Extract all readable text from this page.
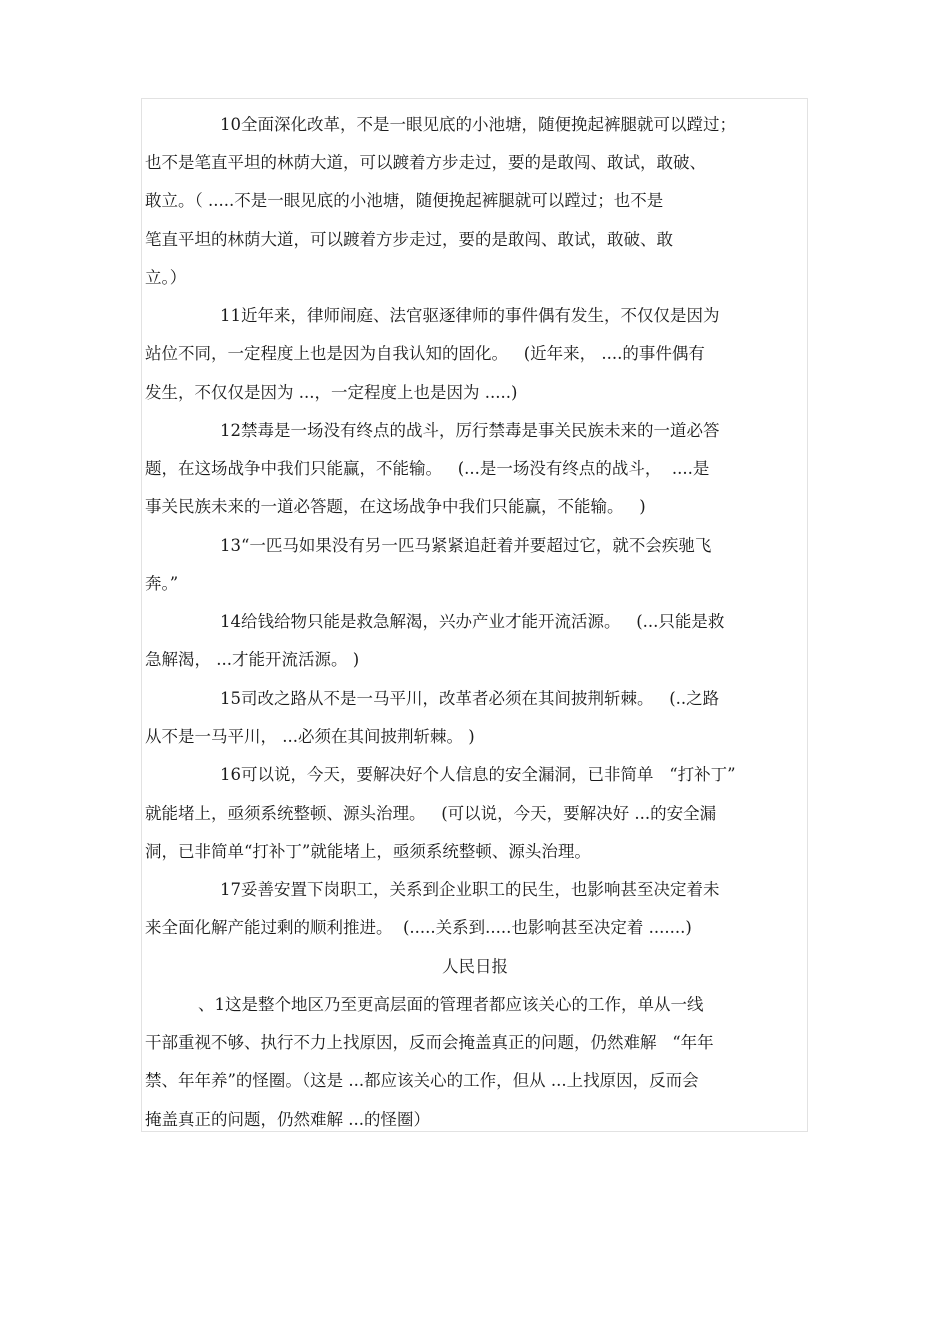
10全面深化改革，不是一眼见底的小池塘，随便挽起裤腿就可以蹚过；
也不是笔直平坦的林荫大道，可以踱着方步走过，要的是敢闯、敢试，敢破、
敢立。（ .....不是一眼见底的小池塘，随便挽起裤腿就可以蹚过；也不是
笔直平坦的林荫大道，可以踱着方步走过，要的是敢闯、敢试，敢破、敢
立。）
11近年来，律师闹庭、法官驱逐律师的事件偶有发生，不仅仅是因为
站位不同，一定程度上也是因为自我认知的固化。   (近年来， ....的事件偶有
发生，不仅仅是因为 ...，一定程度上也是因为 .....)
12禁毒是一场没有终点的战斗，厉行禁毒是事关民族未来的一道必答
题，在这场战争中我们只能赢，不能输。   (...是一场没有终点的战斗，  ....是
事关民族未来的一道必答题，在这场战争中我们只能赢，不能输。   )
13“一匹马如果没有另一匹马紧紧追赶着并要超过它，就不会疾驰飞
奔。”
14给钱给物只能是救急解渴，兴办产业才能开流活源。   (...只能是救
急解渴， ...才能开流活源。 )
15司改之路从不是一马平川，改革者必须在其间披荆斩棘。   (..之路
从不是一马平川， ...必须在其间披荆斩棘。 )
16可以说，今天，要解决好个人信息的安全漏洞，已非简单   “打补丁”
就能堵上，亟须系统整顿、源头治理。   (可以说，今天，要解决好 ...的安全漏
洞，已非简单“打补丁”就能堵上，亟须系统整顿、源头治理。
17妥善安置下岗职工，关系到企业职工的民生，也影响甚至决定着未
来全面化解产能过剩的顺利推进。  (.....关系到.....也影响甚至决定着 .......)
人民日报
、1这是整个地区乃至更高层面的管理者都应该关心的工作，单从一线
干部重视不够、执行不力上找原因，反而会掩盖真正的问题，仍然难解   “年年
禁、年年养”的怪圈。（这是 ...都应该关心的工作，但从 ...上找原因，反而会
掩盖真正的问题，仍然难解 ...的怪圈）
